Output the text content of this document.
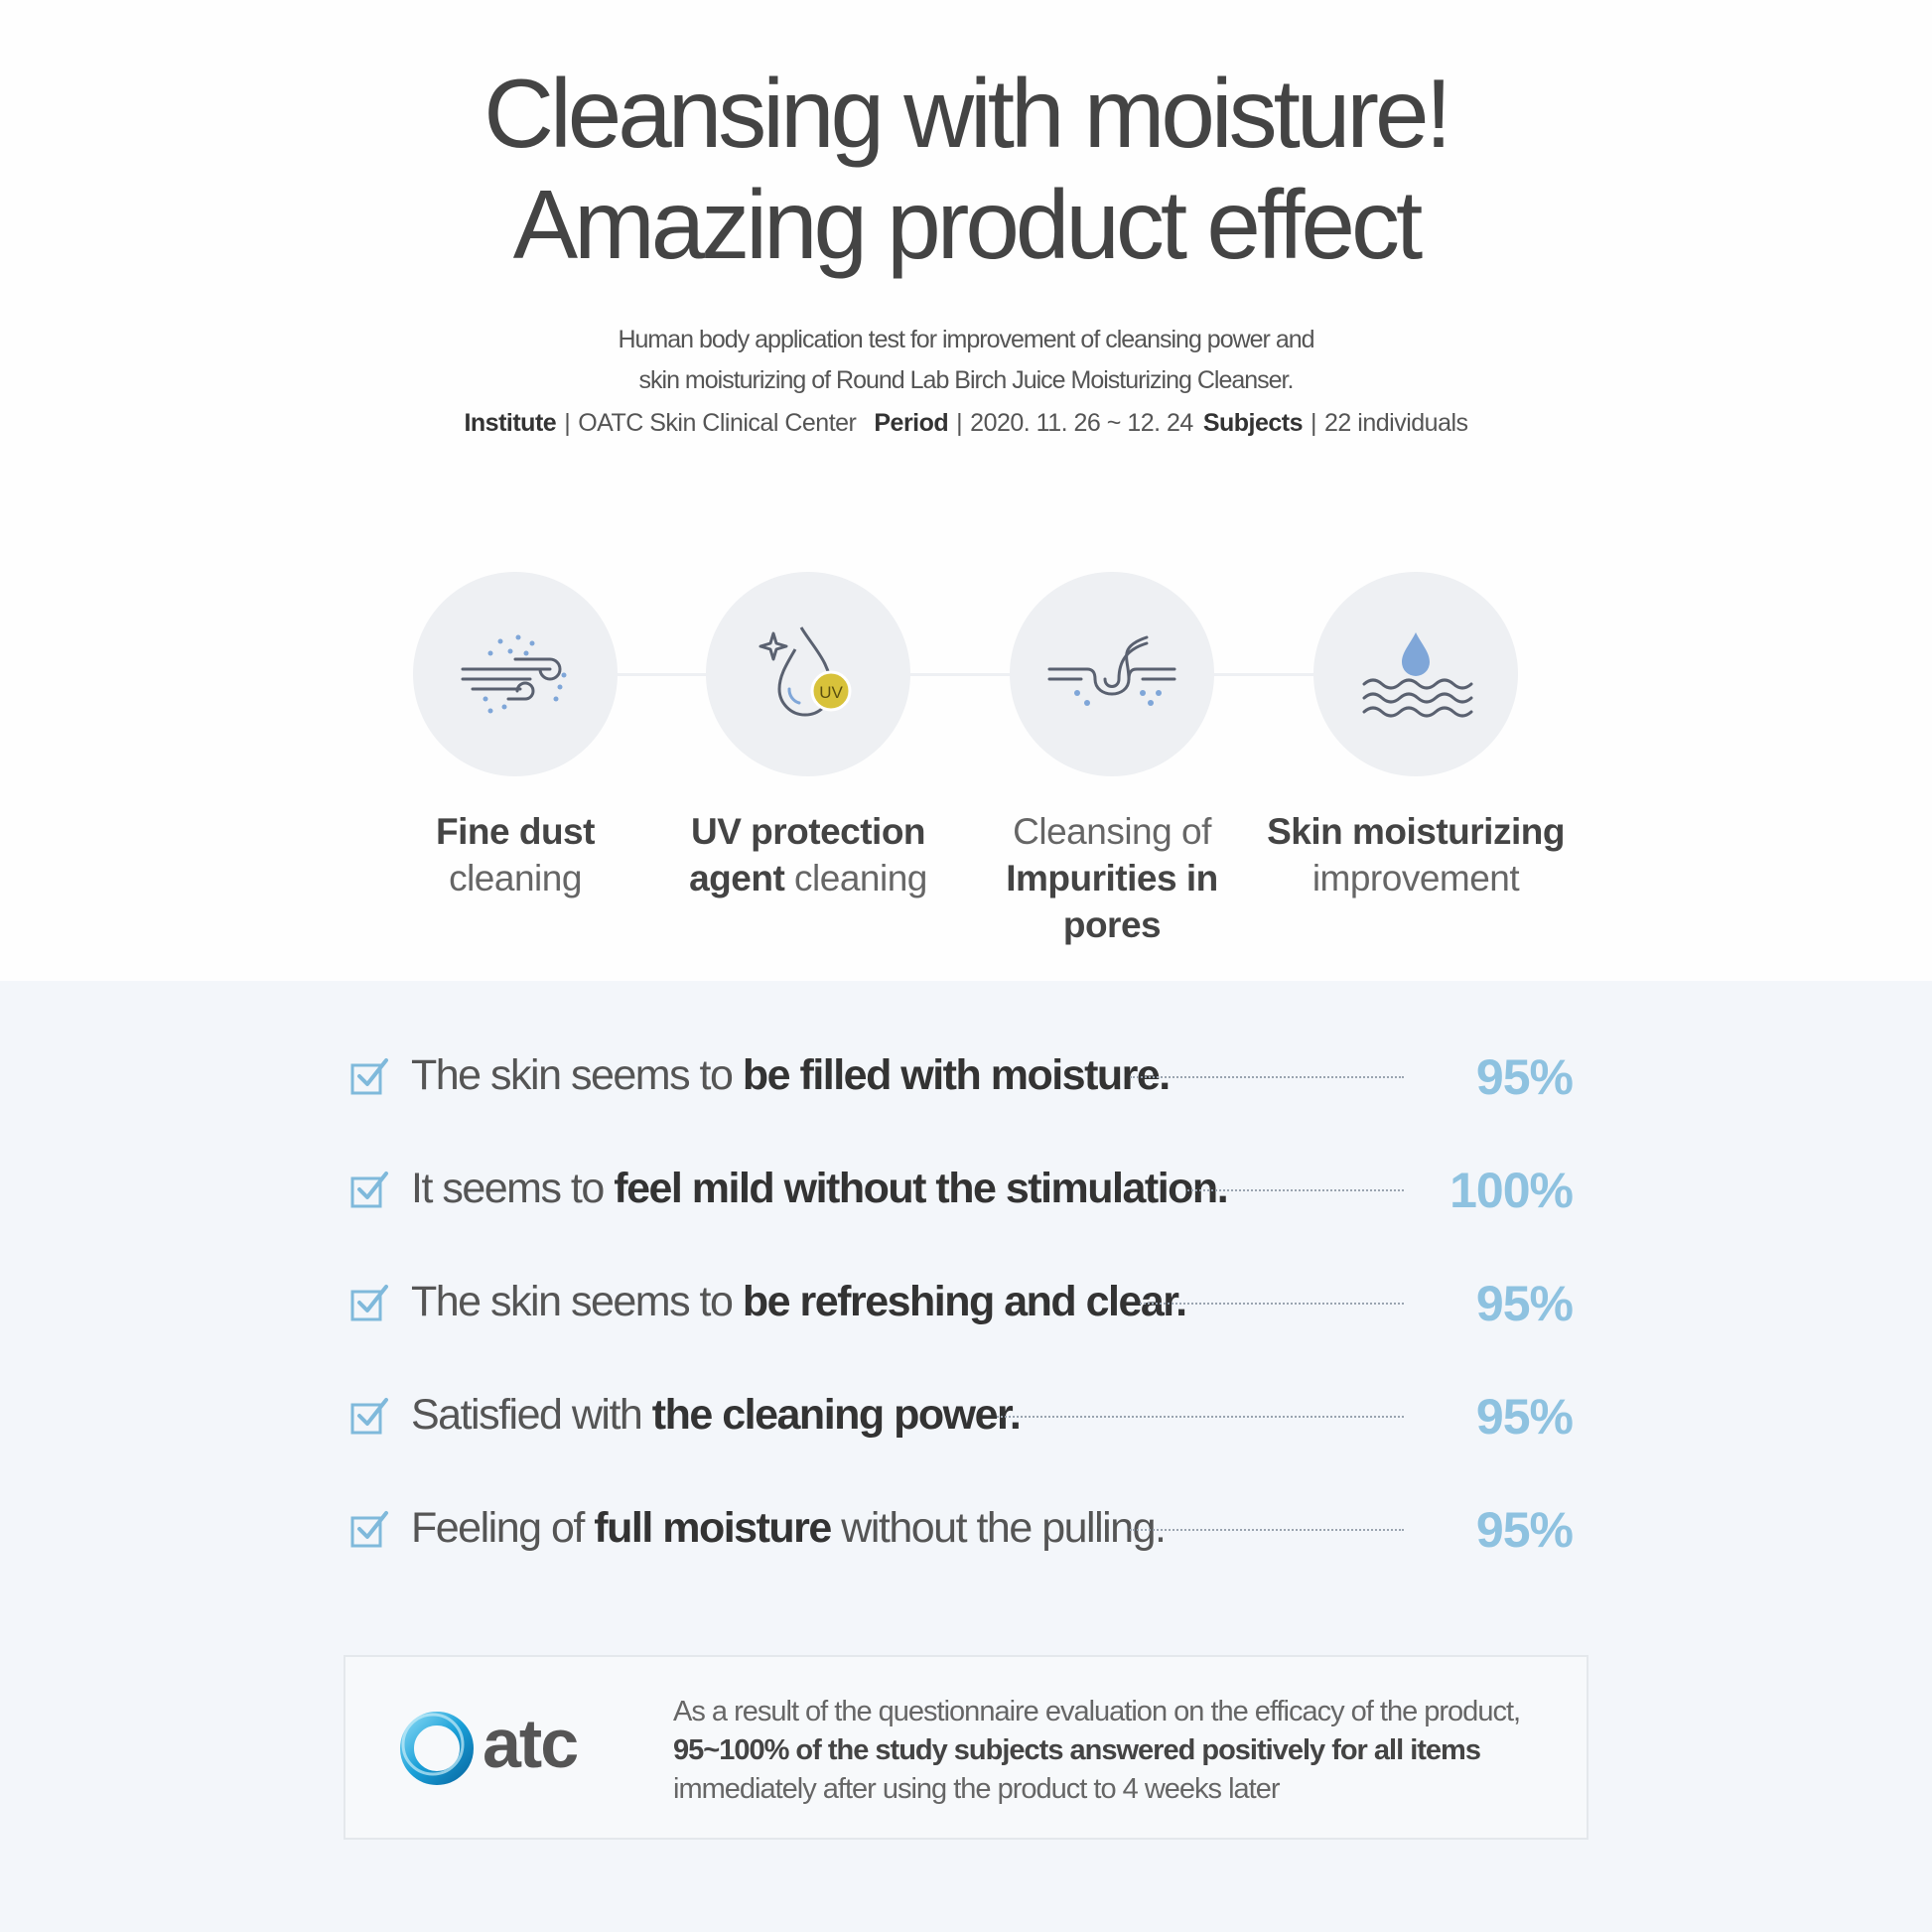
Cleansing with moisture!
Amazing product effect
Human body application test for improvement of cleansing power and
skin moisturizing of Round Lab Birch Juice Moisturizing Cleanser.
Institute | OATC Skin Clinical Center Period | 2020. 11. 26 ~ 12. 24 Subjects | 22 individuals
Fine dust
cleaning
UV
UV protection
agent cleaning
Cleansing of
Impurities in pores
Skin moisturizing
improvement
The skin seems to be filled with moisture.	95%
It seems to feel mild without the stimulation.	100%
The skin seems to be refreshing and clear.	95%
Satisfied with the cleaning power.	95%
Feeling of full moisture without the pulling.	95%
atc	As a result of the questionnaire evaluation on the efficacy of the product,
95~100% of the study subjects answered positively for all items
immediately after using the product to 4 weeks later
